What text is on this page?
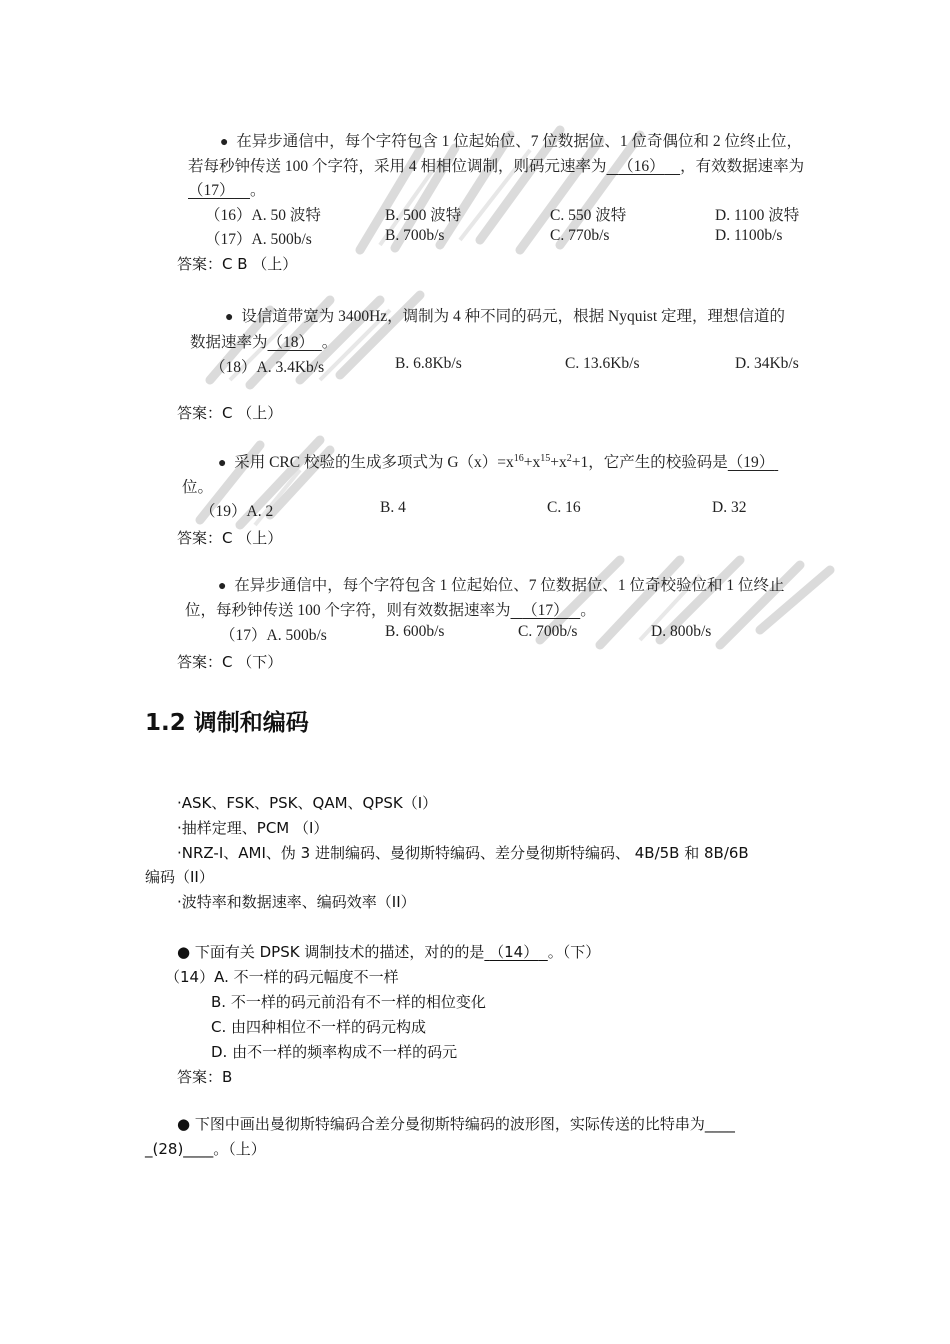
● 在异步通信中，每个字符包含 1 位起始位、7 位数据位、1 位奇偶位和 2 位终止位，
若每秒钟传送 100 个字符，采用 4 相相位调制，则码元速率为 （16） ，有效数据速率为
（17） 。
（16）A. 50 波特	B. 500 波特	C. 550 波特	D. 1100 波特
（17）A. 500b/s	B. 700b/s	C. 770b/s	D. 1100b/s
答案：C B （上）
● 设信道带宽为 3400Hz，调制为 4 种不同的码元，根据 Nyquist 定理，理想信道的
数据速率为（18） 。
（18）A. 3.4Kb/s	B. 6.8Kb/s	C. 13.6Kb/s	D. 34Kb/s
答案：C （上）
● 采用 CRC 校验的生成多项式为 $G(x)=x^{16}+x^{15}+x^2+1$，它产生的校验码是（19）
位。
（19）A. 2	B. 4	C. 16	D. 32
答案：C （上）
● 在异步通信中，每个字符包含 1 位起始位、7 位数据位、1 位奇校验位和 1 位终止
位，每秒钟传送 100 个字符，则有效数据速率为 （17） 。
（17）A. 500b/s	B. 600b/s	C. 700b/s	D. 800b/s
答案：C （下）
1.2 调制和编码
·ASK、FSK、PSK、QAM、QPSK（I）
·抽样定理、PCM （I）
·NRZ-I、AMI、伪 3 进制编码、曼彻斯特编码、差分曼彻斯特编码、 4B/5B 和 8B/6B
编码（II）
·波特率和数据速率、编码效率（II）
● 下面有关 DPSK 调制技术的描述，对的的是 （14） 。（下）
（14）A. 不一样的码元幅度不一样
B. 不一样的码元前沿有不一样的相位变化
C. 由四种相位不一样的码元构成
D. 由不一样的频率构成不一样的码元
答案：B
● 下图中画出曼彻斯特编码合差分曼彻斯特编码的波形图，实际传送的比特串为____
_(28)____。（上）
